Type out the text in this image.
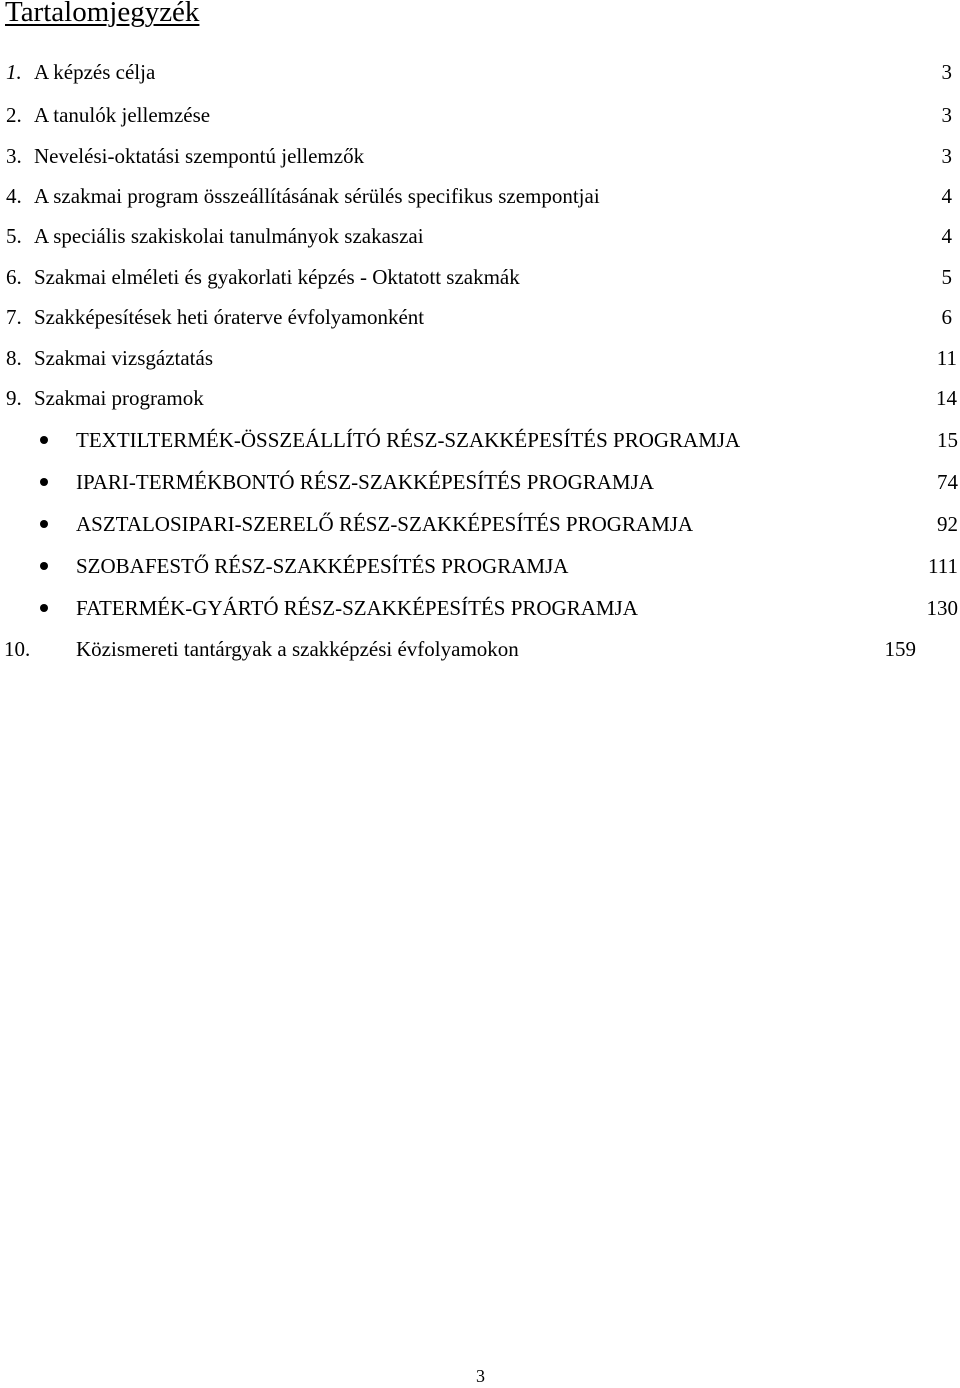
Tartalomjegyzék
1. A képzés célja	3
2. A tanulók jellemzése	3
3. Nevelési-oktatási szempontú jellemzők	3
4. A szakmai program összeállításának sérülés specifikus szempontjai	4
5. A speciális szakiskolai tanulmányok szakaszai	4
6. Szakmai elméleti és gyakorlati képzés - Oktatott szakmák	5
7. Szakképesítések heti óraterve évfolyamonként	6
8. Szakmai vizsgáztatás	11
9. Szakmai programok	14
TEXTILTERMÉK-ÖSSZEÁLLÍTÓ RÉSZ-SZAKKÉPESÍTÉS PROGRAMJA	15
IPARI-TERMÉKBONTÓ RÉSZ-SZAKKÉPESÍTÉS PROGRAMJA	74
ASZTALOSIPARI-SZERELŐ RÉSZ-SZAKKÉPESÍTÉS PROGRAMJA	92
SZOBAFESTŐ RÉSZ-SZAKKÉPESÍTÉS PROGRAMJA	111
FATERMÉK-GYÁRTÓ RÉSZ-SZAKKÉPESÍTÉS PROGRAMJA	130
10. Közismereti tantárgyak a szakképzési évfolyamokon	159
3
